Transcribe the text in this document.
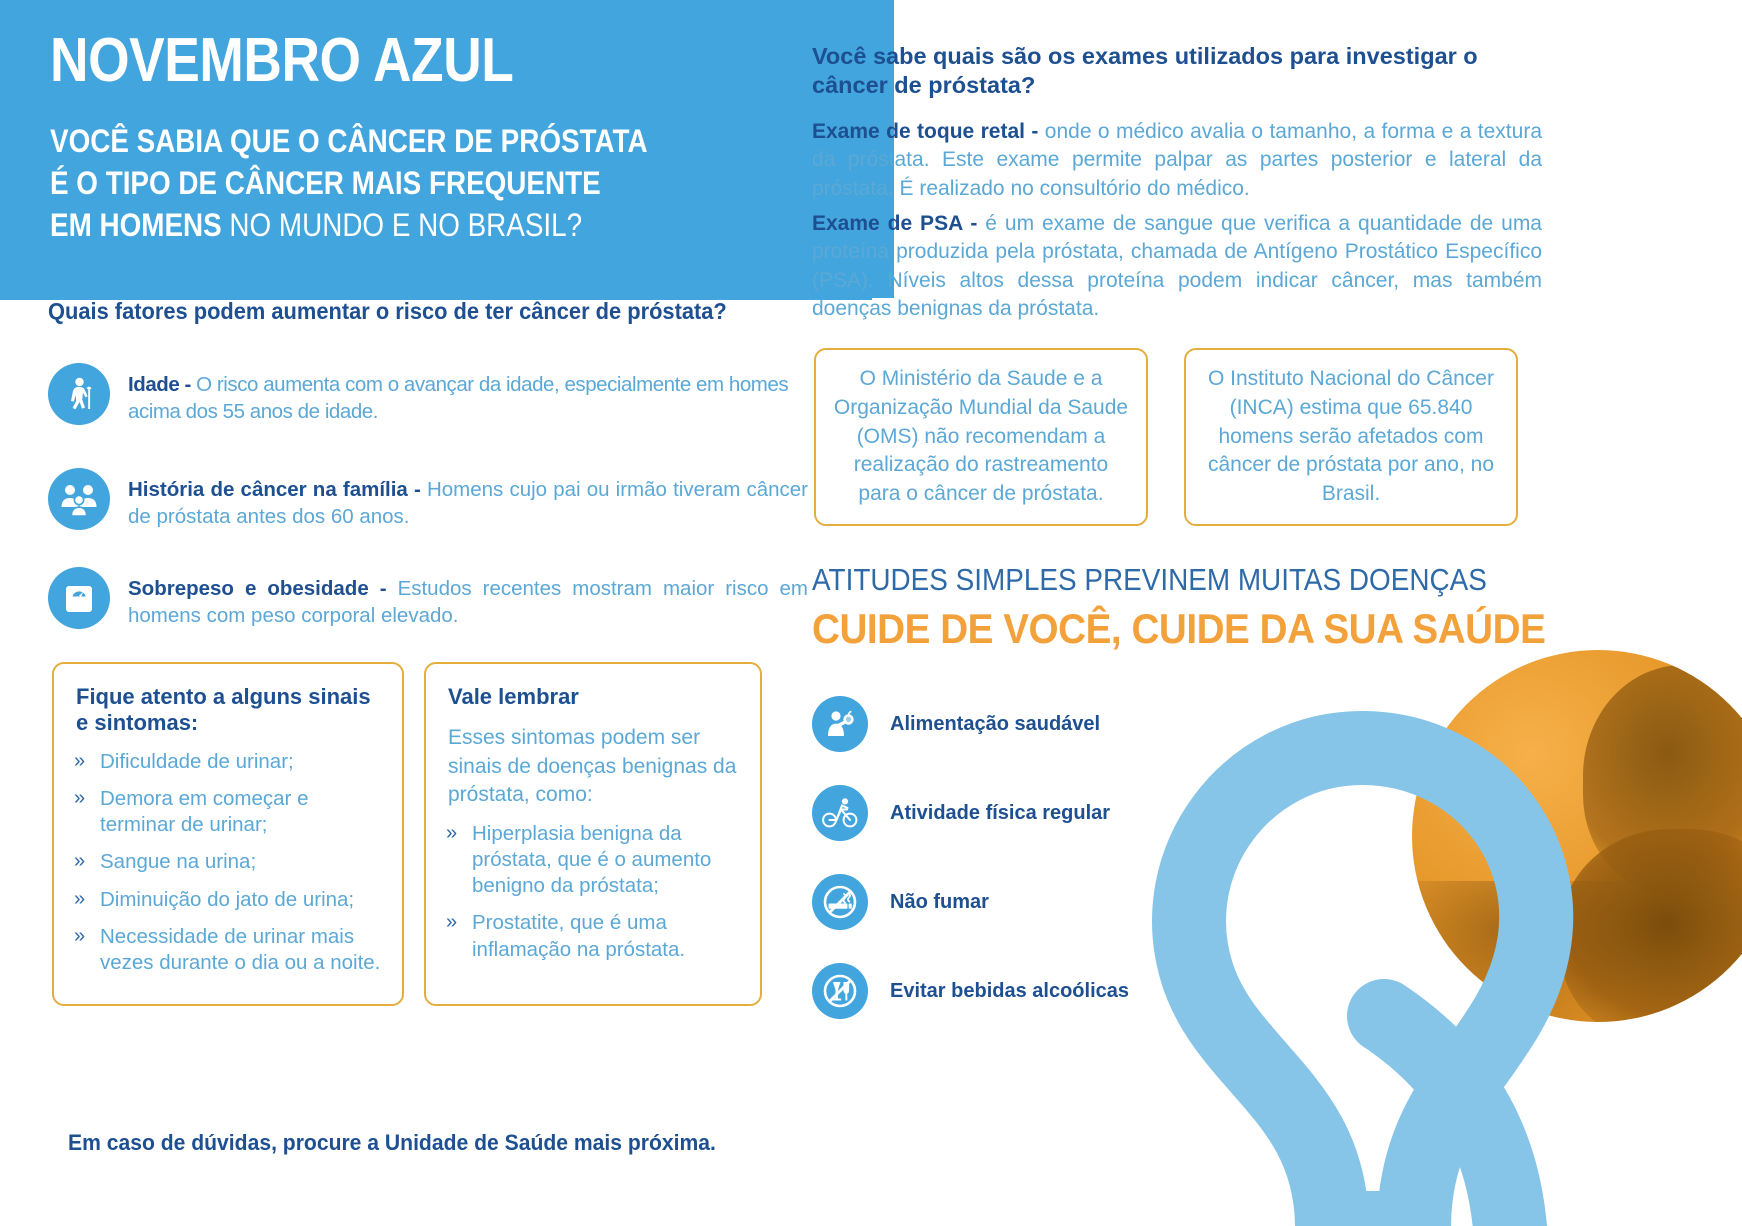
NOVEMBRO AZUL
VOCÊ SABIA QUE O CÂNCER DE PRÓSTATA
É O TIPO DE CÂNCER MAIS FREQUENTE
EM HOMENS NO MUNDO E NO BRASIL?
Quais fatores podem aumentar o risco de ter câncer de próstata?
Idade - O risco aumenta com o avançar da idade, especialmente em homes acima dos 55 anos de idade.
História de câncer na família - Homens cujo pai ou irmão tiveram câncer de próstata antes dos 60 anos.
Sobrepeso e obesidade - Estudos recentes mostram maior risco em homens com peso corporal elevado.
Fique atento a alguns sinais
e sintomas:
» Dificuldade de urinar;
» Demora em começar e terminar de urinar;
» Sangue na urina;
» Diminuição do jato de urina;
» Necessidade de urinar mais vezes durante o dia ou a noite.
Vale lembrar
Esses sintomas podem ser sinais de doenças benignas da próstata, como:
» Hiperplasia benigna da próstata, que é o aumento benigno da próstata;
» Prostatite, que é uma inflamação na próstata.
Em caso de dúvidas, procure a Unidade de Saúde mais próxima.
Você sabe quais são os exames utilizados para investigar o câncer de próstata?
Exame de toque retal - onde o médico avalia o tamanho, a forma e a textura da próstata. Este exame permite palpar as partes posterior e lateral da próstata. É realizado no consultório do médico.
Exame de PSA - é um exame de sangue que verifica a quantidade de uma proteína produzida pela próstata, chamada de Antígeno Prostático Específico (PSA). Níveis altos dessa proteína podem indicar câncer, mas também doenças benignas da próstata.
O Ministério da Saude e a Organização Mundial da Saude (OMS) não recomendam a realização do rastreamento para o câncer de próstata.
O Instituto Nacional do Câncer (INCA) estima que 65.840 homens serão afetados com câncer de próstata por ano, no Brasil.
ATITUDES SIMPLES PREVINEM MUITAS DOENÇAS
CUIDE DE VOCÊ, CUIDE DA SUA SAÚDE
Alimentação saudável
Atividade física regular
Não fumar
Evitar bebidas alcoólicas
